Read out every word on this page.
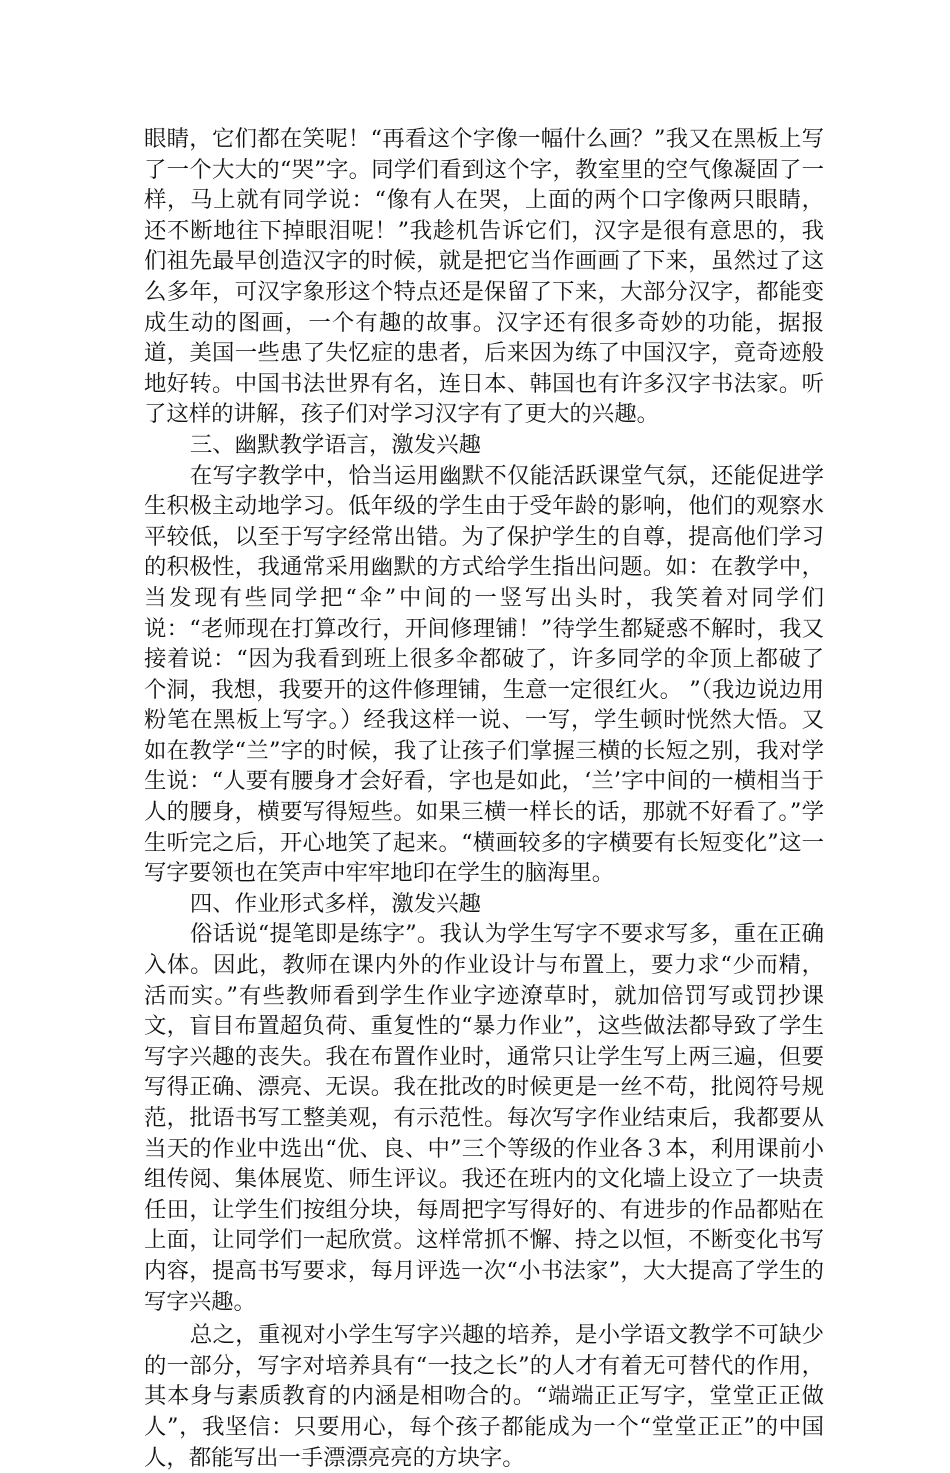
眼睛，它们都在笑呢！“再看这个字像一幅什么画？”我又在黑板上写了一个大大的“哭”字。同学们看到这个字，教室里的空气像凝固了一样，马上就有同学说：“像有人在哭，上面的两个口字像两只眼睛，还不断地往下掉眼泪呢！”我趁机告诉它们，汉字是很有意思的，我们祖先最早创造汉字的时候，就是把它当作画画了下来，虽然过了这么多年，可汉字象形这个特点还是保留了下来，大部分汉字，都能变成生动的图画，一个有趣的故事。汉字还有很多奇妙的功能，据报道，美国一些患了失忆症的患者，后来因为练了中国汉字，竟奇迹般地好转。中国书法世界有名，连日本、韩国也有许多汉字书法家。听了这样的讲解，孩子们对学习汉字有了更大的兴趣。

三、幽默教学语言，激发兴趣

在写字教学中，恰当运用幽默不仅能活跃课堂气氛，还能促进学生积极主动地学习。低年级的学生由于受年龄的影响，他们的观察水平较低，以至于写字经常出错。为了保护学生的自尊，提高他们学习的积极性，我通常采用幽默的方式给学生指出问题。如：在教学中，当发现有些同学把“伞”中间的一竖写出头时，我笑着对同学们说：“老师现在打算改行，开间修理铺！”待学生都疑惑不解时，我又接着说：“因为我看到班上很多伞都破了，许多同学的伞顶上都破了个洞，我想，我要开的这件修理铺，生意一定很红火。 ”（我边说边用粉笔在黑板上写字。）经我这样一说、一写，学生顿时恍然大悟。又如在教学“兰”字的时候，我了让孩子们掌握三横的长短之别，我对学生说：“人要有腰身才会好看，字也是如此，‘兰’字中间的一横相当于人的腰身，横要写得短些。如果三横一样长的话，那就不好看了。”学生听完之后，开心地笑了起来。“横画较多的字横要有长短变化”这一写字要领也在笑声中牢牢地印在学生的脑海里。

四、作业形式多样，激发兴趣

俗话说“提笔即是练字”。我认为学生写字不要求写多，重在正确入体。因此，教师在课内外的作业设计与布置上，要力求“少而精，活而实。”有些教师看到学生作业字迹潦草时，就加倍罚写或罚抄课文，盲目布置超负荷、重复性的“暴力作业”，这些做法都导致了学生写字兴趣的丧失。我在布置作业时，通常只让学生写上两三遍，但要写得正确、漂亮、无误。我在批改的时候更是一丝不苟，批阅符号规范，批语书写工整美观，有示范性。每次写字作业结束后，我都要从当天的作业中选出“优、良、中”三个等级的作业各３本，利用课前小组传阅、集体展览、师生评议。我还在班内的文化墙上设立了一块责任田，让学生们按组分块，每周把字写得好的、有进步的作品都贴在上面，让同学们一起欣赏。这样常抓不懈、持之以恒，不断变化书写内容，提高书写要求，每月评选一次“小书法家”，大大提高了学生的写字兴趣。

总之，重视对小学生写字兴趣的培养，是小学语文教学不可缺少的一部分，写字对培养具有“一技之长”的人才有着无可替代的作用，其本身与素质教育的内涵是相吻合的。“端端正正写字，堂堂正正做人”，我坚信：只要用心，每个孩子都能成为一个“堂堂正正”的中国人，都能写出一手漂漂亮亮的方块字。
